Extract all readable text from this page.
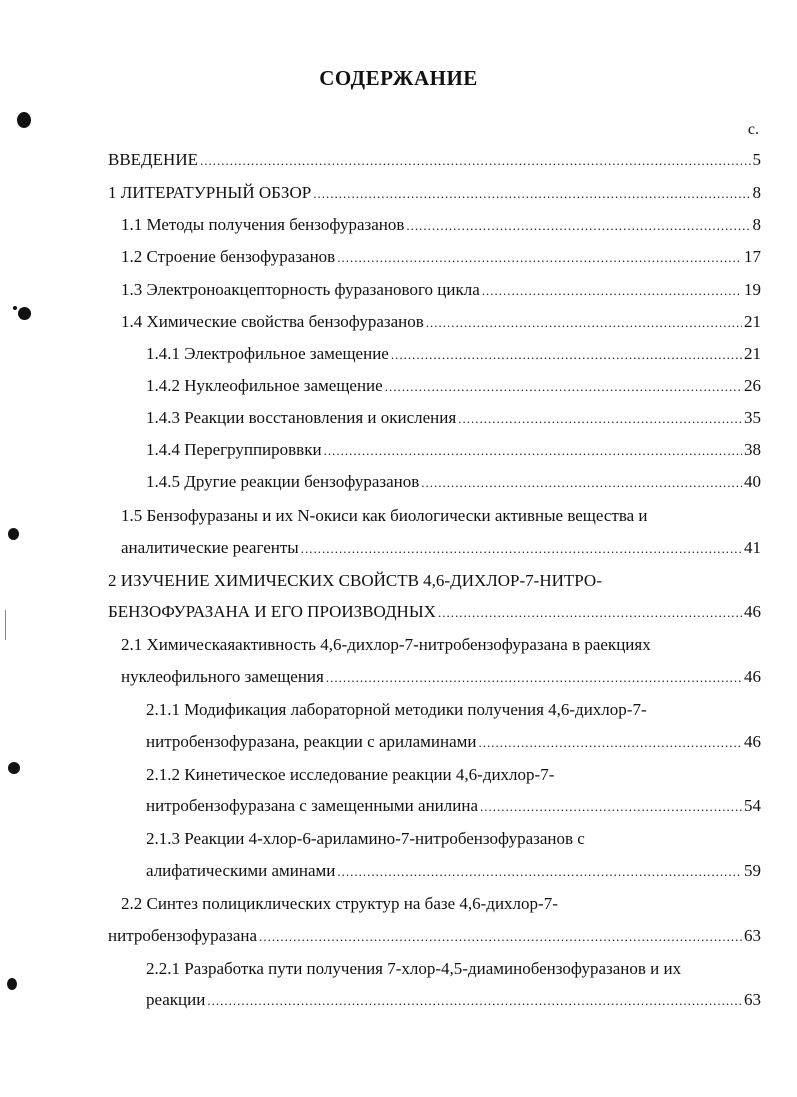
СОДЕРЖАНИЕ
с.
ВВЕДЕНИЕ .....	5
1 ЛИТЕРАТУРНЫЙ ОБЗОР .....	8
1.1 Методы получения бензофуразанов .....	8
1.2 Строение бензофуразанов .....	17
1.3 Электроноакцепторность фуразанового цикла .....	19
1.4 Химические свойства бензофуразанов .....	21
1.4.1 Электрофильное замещение .....	21
1.4.2 Нуклеофильное замещение .....	26
1.4.3 Реакции восстановления и окисления .....	35
1.4.4 Перегруппироввки .....	38
1.4.5 Другие реакции бензофуразанов .....	40
1.5 Бензофуразаны и их N-окиси как биологически активные вещества и
аналитические реагенты .....	41
2 ИЗУЧЕНИЕ ХИМИЧЕСКИХ СВОЙСТВ 4,6-ДИХЛОР-7-НИТРО-
БЕНЗОФУРАЗАНА И ЕГО ПРОИЗВОДНЫХ .....	46
2.1 Химическаяактивность 4,6-дихлор-7-нитробензофуразана в раекциях
нуклеофильного замещения .....	46
2.1.1 Модификация лабораторной методики получения 4,6-дихлор-7-
нитробензофуразана, реакции с ариламинами .....	46
2.1.2 Кинетическое исследование реакции 4,6-дихлор-7-
нитробензофуразана с замещенными анилина .....	54
2.1.3 Реакции 4-хлор-6-ариламино-7-нитробензофуразанов с
алифатическими аминами .....	59
2.2 Синтез полициклических структур на базе 4,6-дихлор-7-
нитробензофуразана .....	63
2.2.1 Разработка пути получения 7-хлор-4,5-диаминобензофуразанов и их
реакции .....	63
